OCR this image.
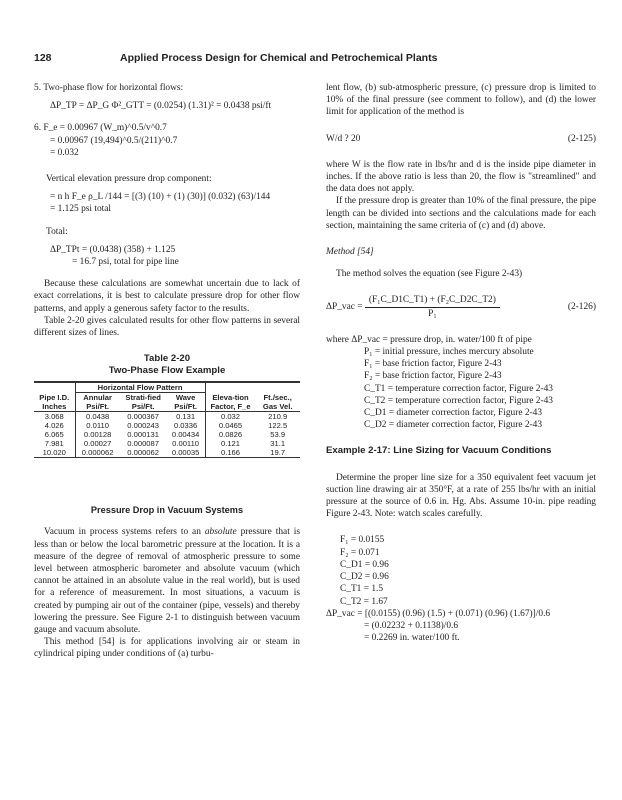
128	Applied Process Design for Chemical and Petrochemical Plants

5. Two-phase flow for horizontal flows:

ΔP_TP = ΔP_G Φ²_GTT = (0.0254) (1.31)² = 0.0438 psi/ft

6. F_e = 0.00967 (W_m)^0.5/v^0.7

= 0.00967 (19,494)^0.5/(211)^0.7

= 0.032

Vertical elevation pressure drop component:

= n h F_e ρ_L /144 = [(3) (10) + (1) (30)] (0.032) (63)/144

= 1.125 psi total

Total:

ΔP_TPt = (0.0438) (358) + 1.125

= 16.7 psi, total for pipe line

Because these calculations are somewhat uncertain due to lack of exact correlations, it is best to calculate pressure drop for other flow patterns, and apply a generous safety factor to the results.

Table 2-20 gives calculated results for other flow patterns in several different sizes of lines.

Table 2-20
Two-Phase Flow Example
	Horizontal Flow Pattern				
Pipe I.D. Inches	Annular Psi/Ft.	Strati-fied Psi/Ft.	Wave Psi/Ft.	Eleva-tion Factor, F_e	Ft./sec., Gas Vel.
3.068	0.0438	0.000367	0.131	0.032	210.9
4.026	0.0110	0.000243	0.0336	0.0465	122.5
6.065	0.00128	0.000131	0.00434	0.0826	53.9
7.981	0.00027	0.000087	0.00110	0.121	31.1
10.020	0.000062	0.000062	0.00035	0.166	19.7

Pressure Drop in Vacuum Systems

Vacuum in process systems refers to an absolute pressure that is less than or below the local barometric pressure at the location. It is a measure of the degree of removal of atmospheric pressure to some level between atmospheric barometer and absolute vacuum (which cannot be attained in an absolute value in the real world), but is used for a reference of measurement. In most situations, a vacuum is created by pumping air out of the container (pipe, vessels) and thereby lowering the pressure. See Figure 2-1 to distinguish between vacuum gauge and vacuum absolute.

This method [54] is for applications involving air or steam in cylindrical piping under conditions of (a) turbu-

lent flow, (b) sub-atmospheric pressure, (c) pressure drop is limited to 10% of the final pressure (see comment to follow), and (d) the lower limit for application of the method is

W/d ? 20	(2-125)

where W is the flow rate in lbs/hr and d is the inside pipe diameter in inches. If the above ratio is less than 20, the flow is "streamlined" and the data does not apply.

If the pressure drop is greater than 10% of the final pressure, the pipe length can be divided into sections and the calculations made for each section, maintaining the same criteria of (c) and (d) above.

Method [54]

The method solves the equation (see Figure 2-43)

ΔP_vac = $\frac{\text{(F₁C\_D1C\_T1) + (F₂C\_D2C\_T2)}}{\text{P₁}}$	(2-126)

where ΔP_vac = pressure drop, in. water/100 ft of pipe

P₁ = initial pressure, inches mercury absolute

F₁ = base friction factor, Figure 2-43

F₂ = base friction factor, Figure 2-43

C_T1 = temperature correction factor, Figure 2-43

C_T2 = temperature correction factor, Figure 2-43

C_D1 = diameter correction factor, Figure 2-43

C_D2 = diameter correction factor, Figure 2-43

Example 2-17: Line Sizing for Vacuum Conditions

Determine the proper line size for a 350 equivalent feet vacuum jet suction line drawing air at 350°F, at a rate of 255 lbs/hr with an initial pressure at the source of 0.6 in. Hg. Abs. Assume 10-in. pipe reading Figure 2-43. Note: watch scales carefully.

F₁ = 0.0155

F₂ = 0.071

C_D1 = 0.96

C_D2 = 0.96

C_T1 = 1.5

C_T2 = 1.67

ΔP_vac = [(0.0155) (0.96) (1.5) + (0.071) (0.96) (1.67)]/0.6

= (0.02232 + 0.1138)/0.6

= 0.2269 in. water/100 ft.
